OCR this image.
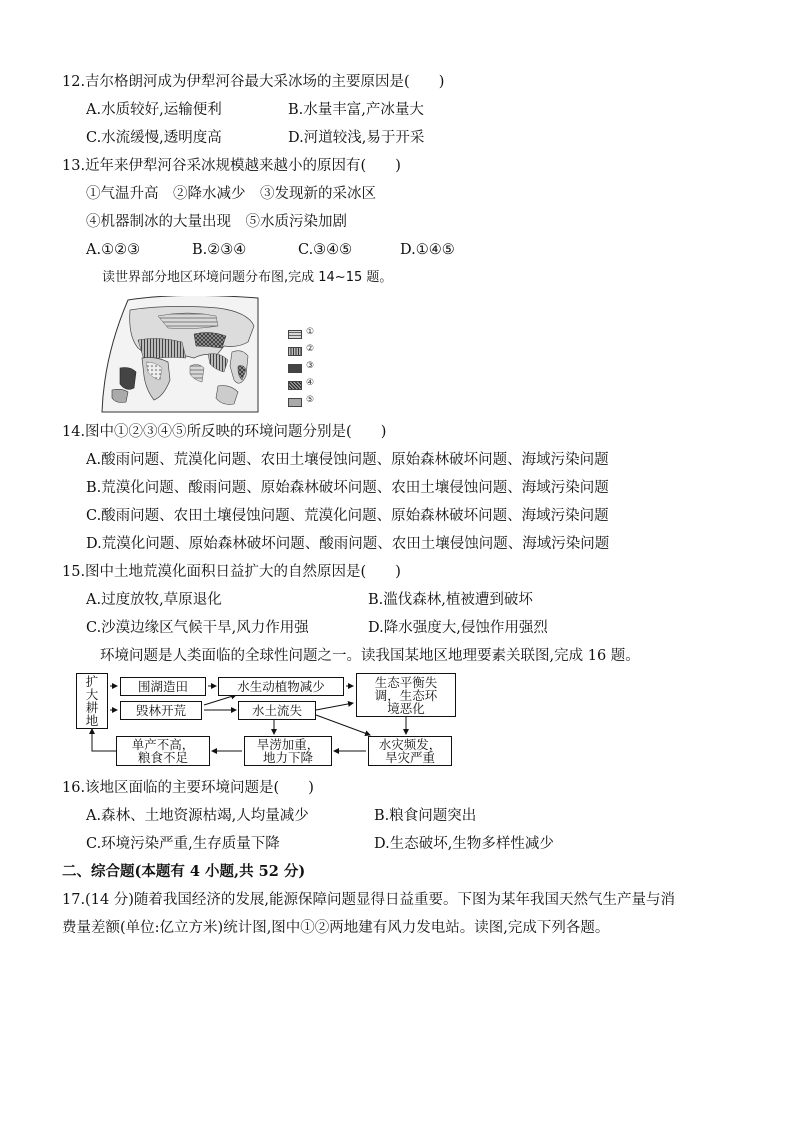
12.吉尔格朗河成为伊犁河谷最大采冰场的主要原因是(　　)
A.水质较好,运输便利	B.水量丰富,产冰量大
C.水流缓慢,透明度高	D.河道较浅,易于开采
13.近年来伊犁河谷采冰规模越来越小的原因有(　　)
①气温升高　②降水减少　③发现新的采冰区
④机器制冰的大量出现　⑤水质污染加剧
A.①②③	B.②③④	C.③④⑤	D.①④⑤
读世界部分地区环境问题分布图,完成 14~15 题。
①
②
③
④
⑤
14.图中①②③④⑤所反映的环境问题分别是(　　)
A.酸雨问题、荒漠化问题、农田土壤侵蚀问题、原始森林破坏问题、海域污染问题
B.荒漠化问题、酸雨问题、原始森林破坏问题、农田土壤侵蚀问题、海域污染问题
C.酸雨问题、农田土壤侵蚀问题、荒漠化问题、原始森林破坏问题、海域污染问题
D.荒漠化问题、原始森林破坏问题、酸雨问题、农田土壤侵蚀问题、海域污染问题
15.图中土地荒漠化面积日益扩大的自然原因是(　　)
A.过度放牧,草原退化	B.滥伐森林,植被遭到破坏
C.沙漠边缘区气候干旱,风力作用强	D.降水强度大,侵蚀作用强烈
环境问题是人类面临的全球性问题之一。读我国某地区地理要素关联图,完成 16 题。
扩
大
耕
地
围湖造田	水生动植物减少	生态平衡失
调，生态环
境恶化
毁林开荒	水土流失
单产不高，
粮食不足
旱涝加重，
地力下降
水灾频发，
旱灾严重
16.该地区面临的主要环境问题是(　　)
A.森林、土地资源枯竭,人均量减少	B.粮食问题突出
C.环境污染严重,生存质量下降	D.生态破坏,生物多样性减少
二、综合题(本题有 4 小题,共 52 分)
17.(14 分)随着我国经济的发展,能源保障问题显得日益重要。下图为某年我国天然气生产量与消
费量差额(单位:亿立方米)统计图,图中①②两地建有风力发电站。读图,完成下列各题。
